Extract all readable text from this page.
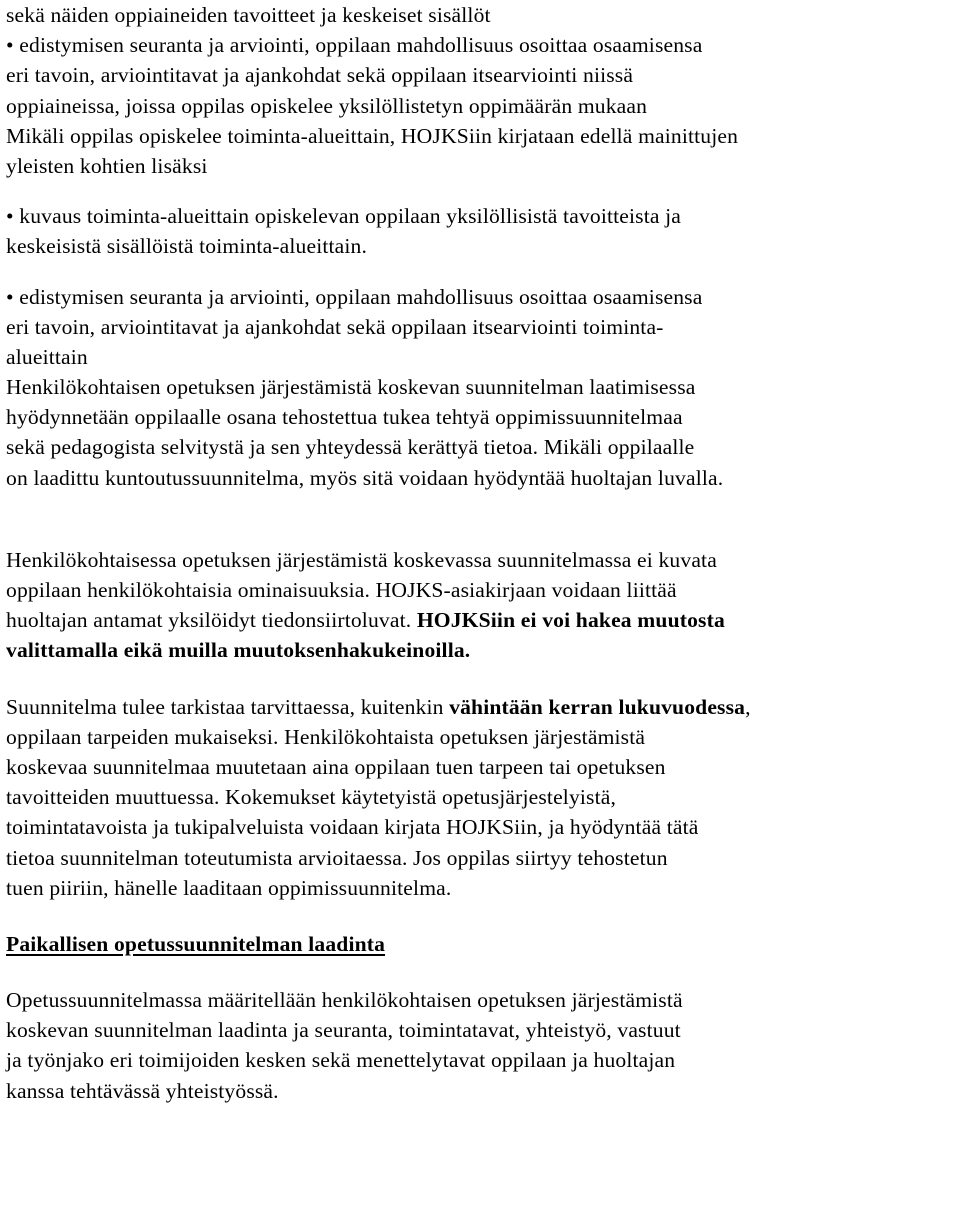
sekä näiden oppiaineiden tavoitteet ja keskeiset sisällöt
• edistymisen seuranta ja arviointi, oppilaan mahdollisuus osoittaa osaamisensa
eri tavoin, arviointitavat ja ajankohdat sekä oppilaan itsearviointi niissä
oppiaineissa, joissa oppilas opiskelee yksilöllistetyn oppimäärän mukaan
Mikäli oppilas opiskelee toiminta-alueittain, HOJKSiin kirjataan edellä mainittujen
yleisten kohtien lisäksi
• kuvaus toiminta-alueittain opiskelevan oppilaan yksilöllisistä tavoitteista ja
keskeisistä sisällöistä toiminta-alueittain.
• edistymisen seuranta ja arviointi, oppilaan mahdollisuus osoittaa osaamisensa
eri tavoin, arviointitavat ja ajankohdat sekä oppilaan itsearviointi toiminta-
alueittain
Henkilökohtaisen opetuksen järjestämistä koskevan suunnitelman laatimisessa
hyödynnetään oppilaalle osana tehostettua tukea tehtyä oppimissuunnitelmaa
sekä pedagogista selvitystä ja sen yhteydessä kerättyä tietoa. Mikäli oppilaalle
on laadittu kuntoutussuunnitelma, myös sitä voidaan hyödyntää huoltajan luvalla.
Henkilökohtaisessa opetuksen järjestämistä koskevassa suunnitelmassa ei kuvata
oppilaan henkilökohtaisia ominaisuuksia. HOJKS-asiakirjaan voidaan liittää
huoltajan antamat yksilöidyt tiedonsiirtoluvat. HOJKSiin ei voi hakea muutosta
valittamalla eikä muilla muutoksenhakukeinoilla.
Suunnitelma tulee tarkistaa tarvittaessa, kuitenkin vähintään kerran lukuvuodessa,
oppilaan tarpeiden mukaiseksi. Henkilökohtaista opetuksen järjestämistä
koskevaa suunnitelmaa muutetaan aina oppilaan tuen tarpeen tai opetuksen
tavoitteiden muuttuessa. Kokemukset käytetyistä opetusjärjestelyistä,
toimintatavoista ja tukipalveluista voidaan kirjata HOJKSiin, ja hyödyntää tätä
tietoa suunnitelman toteutumista arvioitaessa. Jos oppilas siirtyy tehostetun
tuen piiriin, hänelle laaditaan oppimissuunnitelma.
Paikallisen opetussuunnitelman laadinta
Opetussuunnitelmassa määritellään henkilökohtaisen opetuksen järjestämistä
koskevan suunnitelman laadinta ja seuranta, toimintatavat, yhteistyö, vastuut
ja työnjako eri toimijoiden kesken sekä menettelytavat oppilaan ja huoltajan
kanssa tehtävässä yhteistyössä.
